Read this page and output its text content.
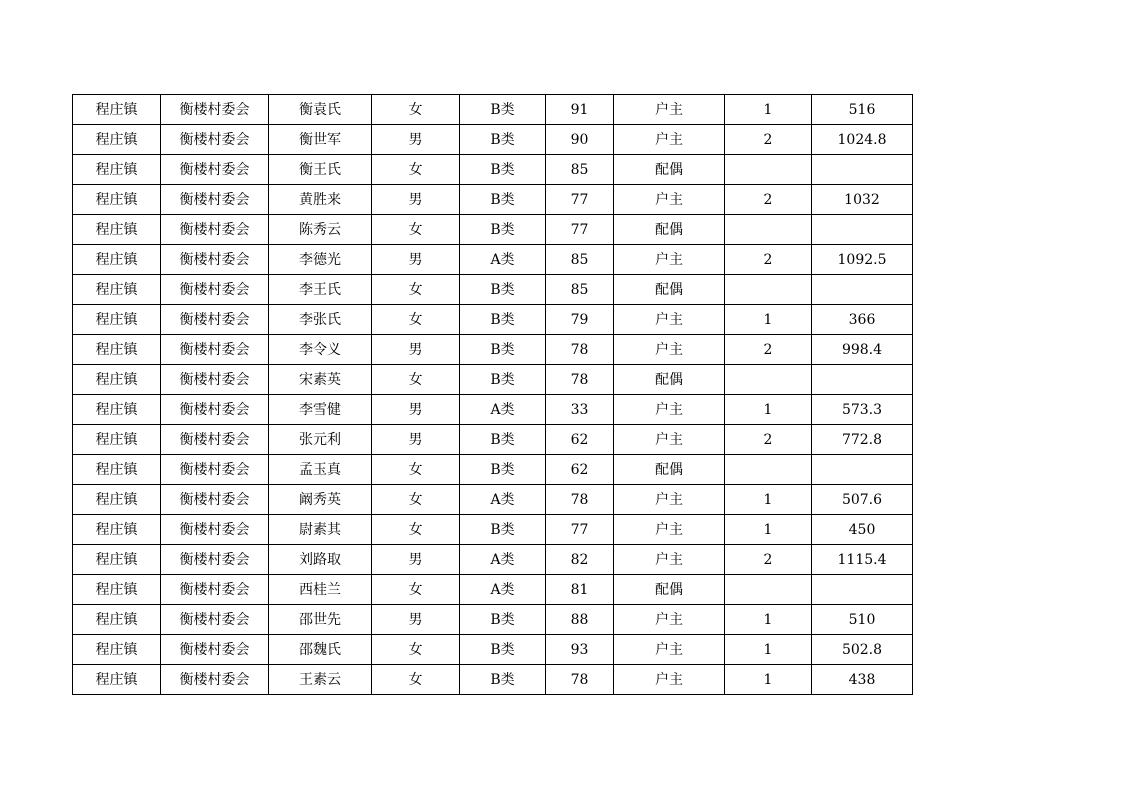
程庄镇	衡楼村委会	衡袁氏	女	B类	91	户主	1	516
程庄镇	衡楼村委会	衡世军	男	B类	90	户主	2	1024.8
程庄镇	衡楼村委会	衡王氏	女	B类	85	配偶		
程庄镇	衡楼村委会	黄胜来	男	B类	77	户主	2	1032
程庄镇	衡楼村委会	陈秀云	女	B类	77	配偶		
程庄镇	衡楼村委会	李德光	男	A类	85	户主	2	1092.5
程庄镇	衡楼村委会	李王氏	女	B类	85	配偶		
程庄镇	衡楼村委会	李张氏	女	B类	79	户主	1	366
程庄镇	衡楼村委会	李令义	男	B类	78	户主	2	998.4
程庄镇	衡楼村委会	宋素英	女	B类	78	配偶		
程庄镇	衡楼村委会	李雪健	男	A类	33	户主	1	573.3
程庄镇	衡楼村委会	张元利	男	B类	62	户主	2	772.8
程庄镇	衡楼村委会	孟玉真	女	B类	62	配偶		
程庄镇	衡楼村委会	阚秀英	女	A类	78	户主	1	507.6
程庄镇	衡楼村委会	尉素其	女	B类	77	户主	1	450
程庄镇	衡楼村委会	刘路取	男	A类	82	户主	2	1115.4
程庄镇	衡楼村委会	西桂兰	女	A类	81	配偶		
程庄镇	衡楼村委会	邵世先	男	B类	88	户主	1	510
程庄镇	衡楼村委会	邵魏氏	女	B类	93	户主	1	502.8
程庄镇	衡楼村委会	王素云	女	B类	78	户主	1	438
